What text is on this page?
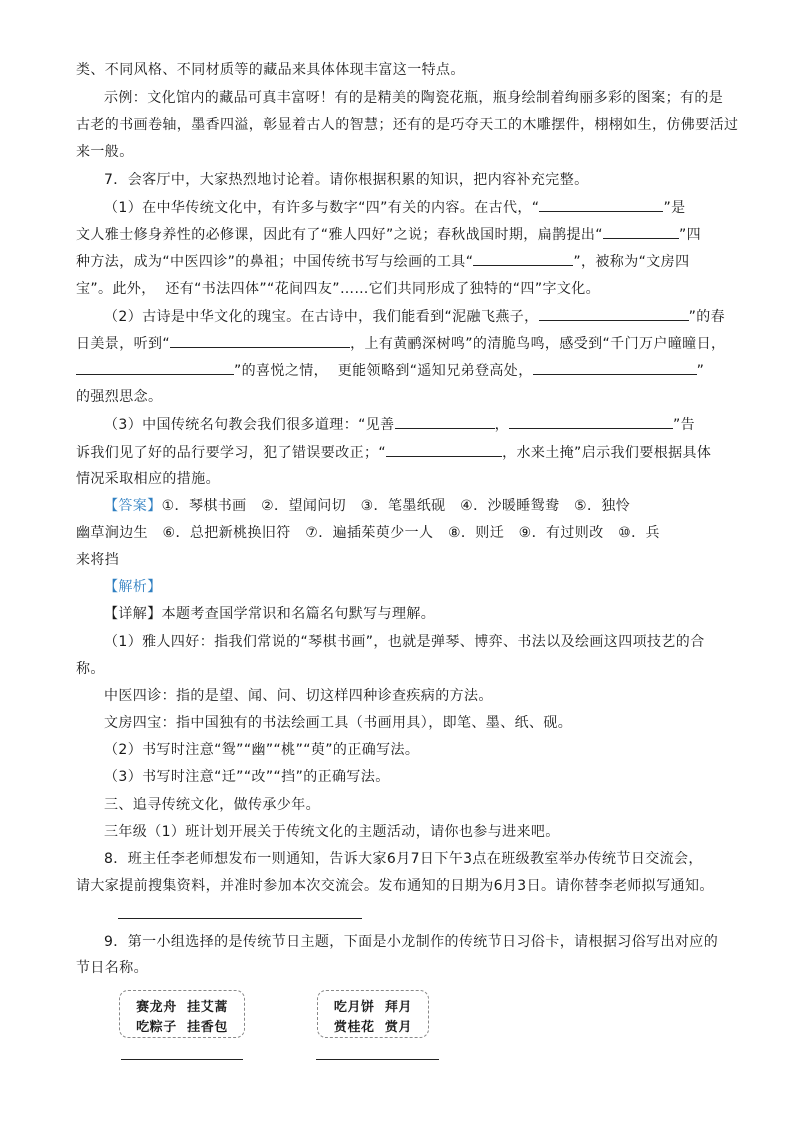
类、不同风格、不同材质等的藏品来具体体现丰富这一特点。
示例：文化馆内的藏品可真丰富呀！有的是精美的陶瓷花瓶，瓶身绘制着绚丽多彩的图案；有的是
古老的书画卷轴，墨香四溢，彰显着古人的智慧；还有的是巧夺天工的木雕摆件，栩栩如生，仿佛要活过
来一般。
7．会客厅中，大家热烈地讨论着。请你根据积累的知识，把内容补充完整。
（1）在中华传统文化中，有许多与数字“四”有关的内容。在古代，“	”是
文人雅士修身养性的必修课，因此有了“雅人四好”之说；春秋战国时期，扁鹊提出“	”四
种方法，成为“中医四诊”的鼻祖；中国传统书写与绘画的工具“	”，被称为“文房四
宝”。此外，  还有“书法四体”“花间四友”……它们共同形成了独特的“四”字文化。
（2）古诗是中华文化的瑰宝。在古诗中，我们能看到“泥融飞燕子，	”的春
日美景，听到“	，上有黄鹂深树鸣”的清脆鸟鸣，感受到“千门万户曈曈日，
”的喜悦之情，  更能领略到“遥知兄弟登高处，	”
的强烈思念。
（3）中国传统名句教会我们很多道理：“见善	，	”告
诉我们见了好的品行要学习，犯了错误要改正；“	，水来土掩”启示我们要根据具体
情况采取相应的措施。
【答案】①．琴棋书画   ②．望闻问切   ③．笔墨纸砚   ④．沙暖睡鸳鸯   ⑤．独怜
幽草涧边生   ⑥．总把新桃换旧符   ⑦．遍插茱萸少一人   ⑧．则迁   ⑨．有过则改   ⑩．兵
来将挡
【解析】
【详解】本题考查国学常识和名篇名句默写与理解。
（1）雅人四好：指我们常说的“琴棋书画”，也就是弹琴、博弈、书法以及绘画这四项技艺的合
称。
中医四诊：指的是望、闻、问、切这样四种诊查疾病的方法。
文房四宝：指中国独有的书法绘画工具（书画用具），即笔、墨、纸、砚。
（2）书写时注意“鸳”“幽”“桃”“萸”的正确写法。
（3）书写时注意“迁”“改”“挡”的正确写法。
三、追寻传统文化，做传承少年。
三年级（1）班计划开展关于传统文化的主题活动，请你也参与进来吧。
8．班主任李老师想发布一则通知，告诉大家6月7日下午3点在班级教室举办传统节日交流会，
请大家提前搜集资料，并准时参加本次交流会。发布通知的日期为6月3日。请你替李老师拟写通知。
9．第一小组选择的是传统节日主题，下面是小龙制作的传统节日习俗卡，请根据习俗写出对应的
节日名称。
赛龙舟  挂艾蒿
吃粽子  挂香包
吃月饼  拜月
赏桂花  赏月
